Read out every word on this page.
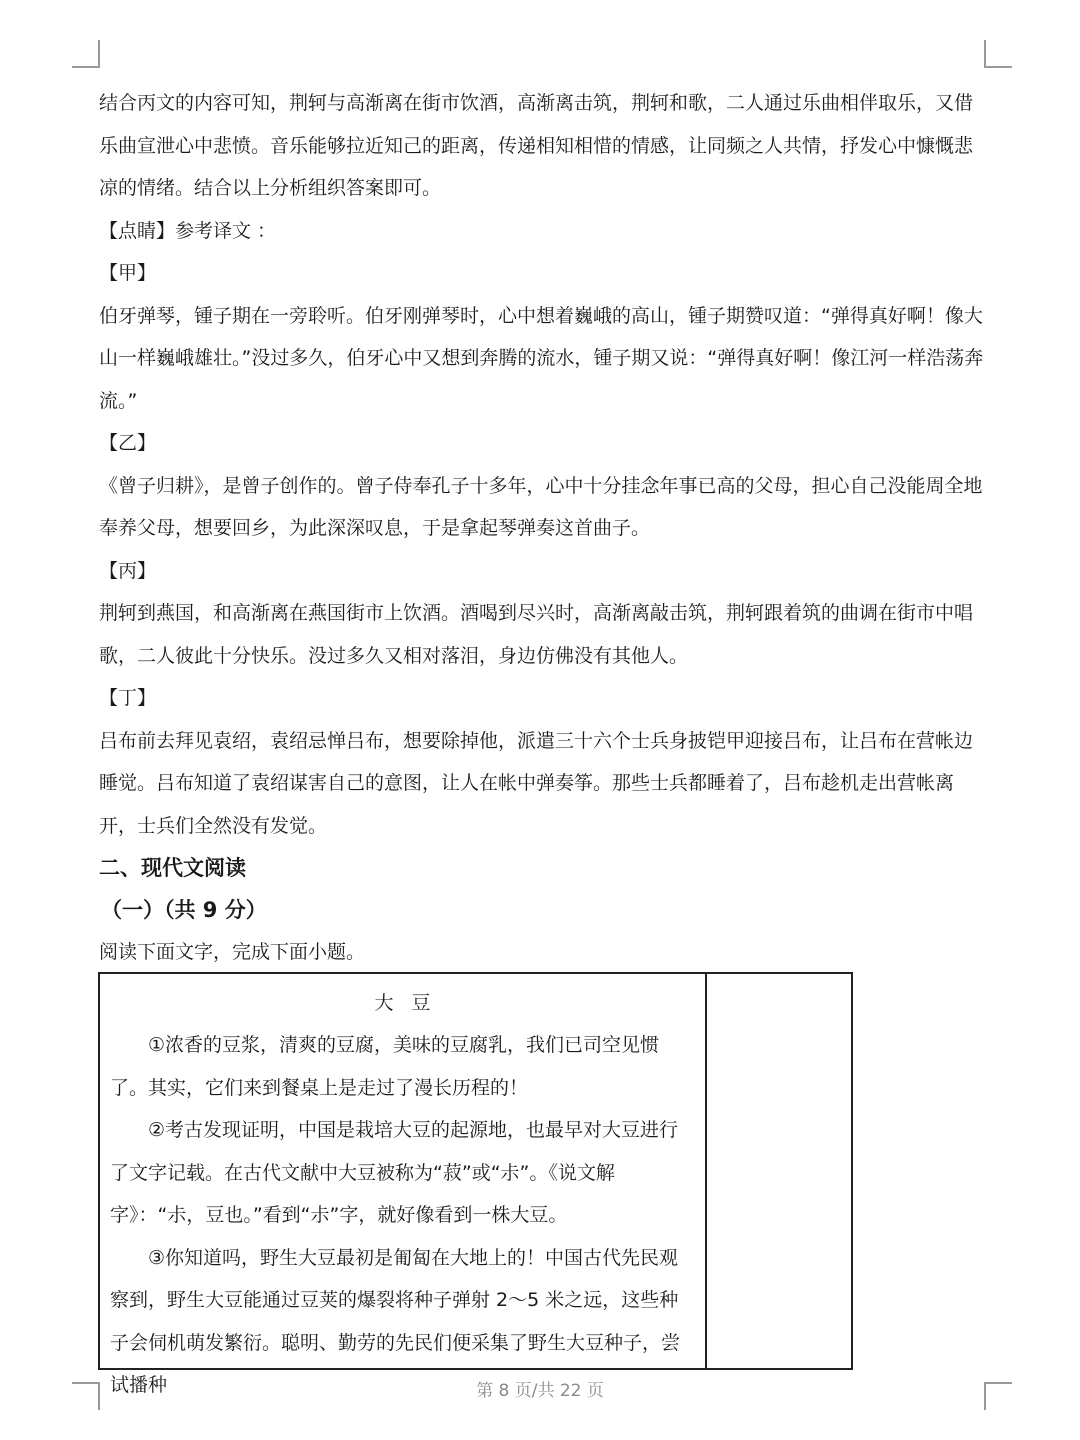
结合丙文的内容可知，荆轲与高渐离在街市饮酒，高渐离击筑，荆轲和歌，二人通过乐曲相伴取乐，又借乐曲宣泄心中悲愤。音乐能够拉近知己的距离，传递相知相惜的情感，让同频之人共情，抒发心中慷慨悲凉的情绪。结合以上分析组织答案即可。

【点睛】参考译文 ：

【甲】

伯牙弹琴，锺子期在一旁聆听。伯牙刚弹琴时，心中想着巍峨的高山，锺子期赞叹道：“弹得真好啊！像大山一样巍峨雄壮。”没过多久，伯牙心中又想到奔腾的流水，锺子期又说：“弹得真好啊！像江河一样浩荡奔流。”

【乙】

《曾子归耕》，是曾子创作的。曾子侍奉孔子十多年，心中十分挂念年事已高的父母，担心自己没能周全地奉养父母，想要回乡，为此深深叹息，于是拿起琴弹奏这首曲子。

【丙】

荆轲到燕国，和高渐离在燕国街市上饮酒。酒喝到尽兴时，高渐离敲击筑，荆轲跟着筑的曲调在街市中唱歌，二人彼此十分快乐。没过多久又相对落泪，身边仿佛没有其他人。

【丁】

吕布前去拜见袁绍，袁绍忌惮吕布，想要除掉他，派遣三十六个士兵身披铠甲迎接吕布，让吕布在营帐边睡觉。吕布知道了袁绍谋害自己的意图，让人在帐中弹奏筝。那些士兵都睡着了，吕布趁机走出营帐离开，士兵们全然没有发觉。

二、现代文阅读

（一）（共 9 分）

阅读下面文字，完成下面小题。

大豆

①浓香的豆浆，清爽的豆腐，美味的豆腐乳，我们已司空见惯了。其实，它们来到餐桌上是走过了漫长历程的！

②考古发现证明，中国是栽培大豆的起源地，也最早对大豆进行了文字记载。在古代文献中大豆被称为“菽”或“尗”。《说文解字》：“尗，豆也。”看到“尗”字，就好像看到一株大豆。

③你知道吗，野生大豆最初是匍匐在大地上的！中国古代先民观察到，野生大豆能通过豆荚的爆裂将种子弹射 2～5 米之远，这些种子会伺机萌发繁衍。聪明、勤劳的先民们便采集了野生大豆种子，尝试播种	第 8 页/共 22 页
